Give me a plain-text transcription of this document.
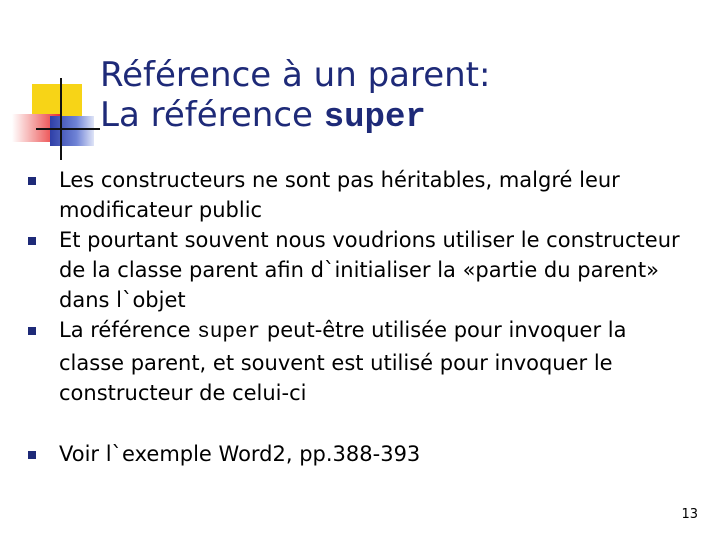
Référence à un parent:
La référence super
Les constructeurs ne sont pas héritables, malgré leur modificateur public
Et pourtant souvent nous voudrions utiliser le constructeur de la classe parent afin d`initialiser la «partie du parent» dans l`objet
La référence super peut-être utilisée pour invoquer la classe parent, et souvent est utilisé pour invoquer le constructeur de celui-ci
Voir l`exemple Word2, pp.388-393
13
